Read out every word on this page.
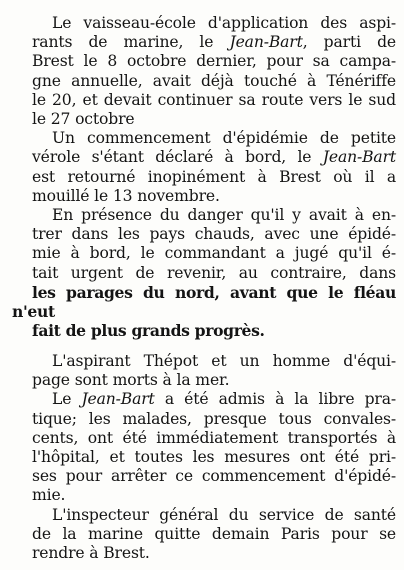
Le vaisseau-école d'application des aspi-
rants de marine, le Jean-Bart, parti de
Brest le 8 octobre dernier, pour sa campa-
gne annuelle, avait déjà touché à Ténériffe
le 20, et devait continuer sa route vers le sud
le 27 octobre

Un commencement d'épidémie de petite
vérole s'étant déclaré à bord, le Jean-Bart
est retourné inopinément à Brest où il a
mouillé le 13 novembre.

En présence du danger qu'il y avait à en-
trer dans les pays chauds, avec une épidé-
mie à bord, le commandant a jugé qu'il é-
tait urgent de revenir, au contraire, dans
les parages du nord, avant que le fléau n'eut
fait de plus grands progrès.

L'aspirant Thépot et un homme d'équi-
page sont morts à la mer.

Le Jean-Bart a été admis à la libre pra-
tique; les malades, presque tous convales-
cents, ont été immédiatement transportés à
l'hôpital, et toutes les mesures ont été pri-
ses pour arrêter ce commencement d'épidé-
mie.

L'inspecteur général du service de santé
de la marine quitte demain Paris pour se
rendre à Brest.
